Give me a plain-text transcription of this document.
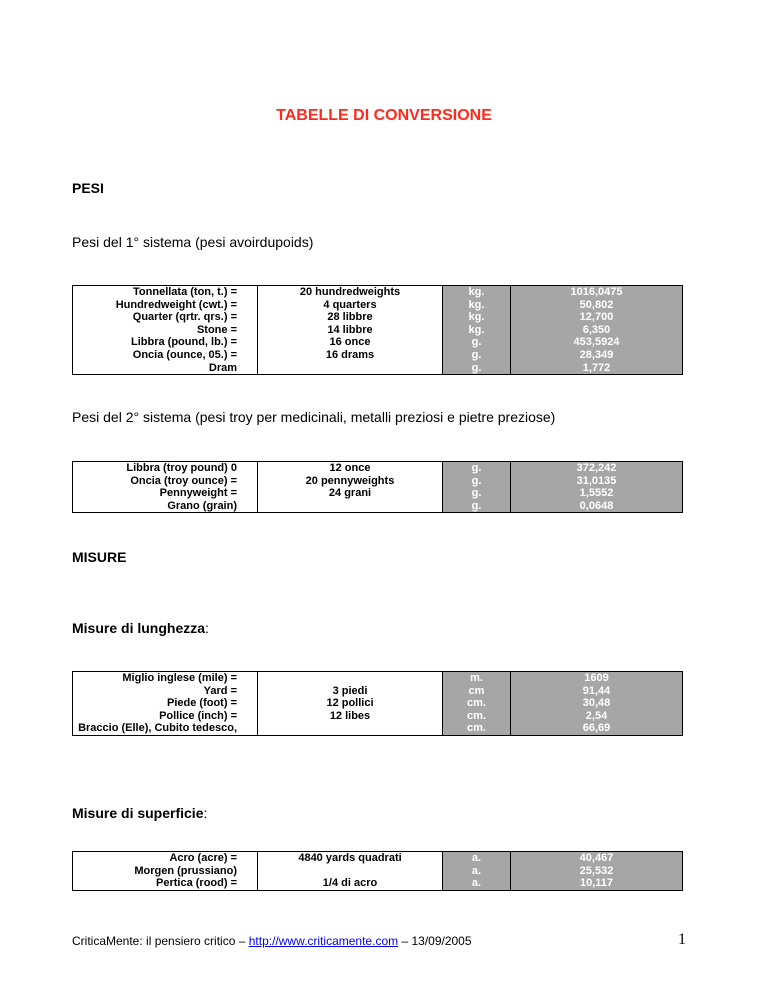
TABELLE DI CONVERSIONE
PESI
Pesi del 1° sistema (pesi avoirdupoids)
Tonnellata (ton, t.) =
Hundredweight (cwt.) =
Quarter (qrtr. qrs.) =
Stone =
Libbra (pound, lb.) =
Oncia (ounce, 05.) =
Dram
20 hundredweights
4 quarters
28 libbre
14 libbre
16 once
16 drams
kg.
kg.
kg.
kg.
g.
g.
g.
1016,0475
50,802
12,700
6,350
453,5924
28,349
1,772
Pesi del 2° sistema (pesi troy per medicinali, metalli preziosi e pietre preziose)
Libbra (troy pound) 0
Oncia (troy ounce) =
Pennyweight =
Grano (grain)
12 once
20 pennyweights
24 grani
g.
g.
g.
g.
372,242
31,0135
1,5552
0,0648
MISURE
Misure di lunghezza:
Miglio inglese (mile) =
Yard =
Piede (foot) =
Pollice (inch) =
Braccio (Elle), Cubito tedesco,
3 piedi
12 pollici
12 libes
m.
cm
cm.
cm.
cm.
1609
91,44
30,48
2,54
66,69
Misure di superficie:
Acro (acre) =
Morgen (prussiano)
Pertica (rood) =
4840 yards quadrati
1/4 di acro
a.
a.
a.
40,467
25,532
10,117
CriticaMente: il pensiero critico – http://www.criticamente.com – 13/09/2005	1
